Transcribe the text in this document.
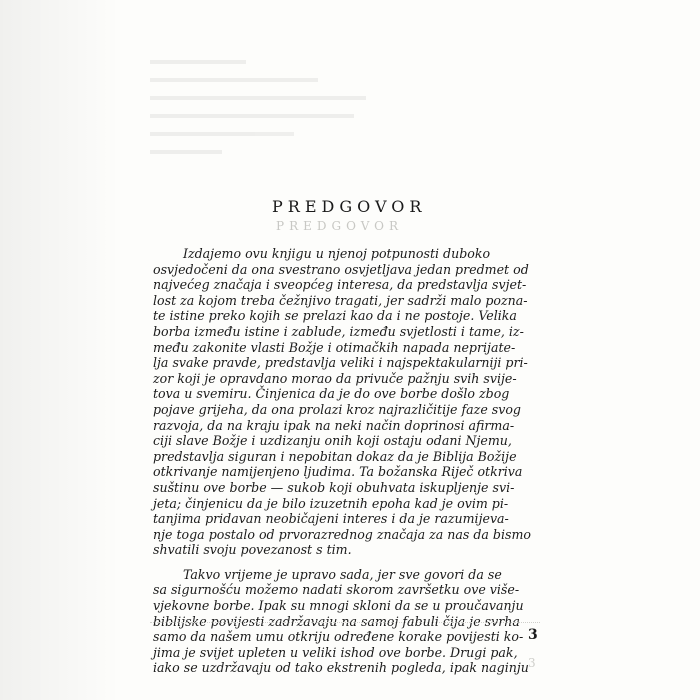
PREDGOVOR
PREDGOVOR
Izdajemo ovu knjigu u njenoj potpunosti duboko
osvjedočeni da ona svestrano osvjetljava jedan predmet od
najvećeg značaja i sveopćeg interesa, da predstavlja svjet-
lost za kojom treba čežnjivo tragati, jer sadrži malo pozna-
te istine preko kojih se prelazi kao da i ne postoje. Velika
borba između istine i zablude, između svjetlosti i tame, iz-
među zakonite vlasti Božje i otimačkih napada neprijate-
lja svake pravde, predstavlja veliki i najspektakularniji pri-
zor koji je opravdano morao da privuče pažnju svih svije-
tova u svemiru. Činjenica da je do ove borbe došlo zbog
pojave grijeha, da ona prolazi kroz najrazličitije faze svog
razvoja, da na kraju ipak na neki način doprinosi afirma-
ciji slave Božje i uzdizanju onih koji ostaju odani Njemu,
predstavlja siguran i nepobitan dokaz da je Biblija Božije
otkrivanje namijenjeno ljudima. Ta božanska Riječ otkriva
suštinu ove borbe — sukob koji obuhvata iskupljenje svi-
jeta; činjenicu da je bilo izuzetnih epoha kad je ovim pi-
tanjima pridavan neobičajeni interes i da je razumijeva-
nje toga postalo od prvorazrednog značaja za nas da bismo
shvatili svoju povezanost s tim.
Takvo vrijeme je upravo sada, jer sve govori da se
sa sigurnošću možemo nadati skorom završetku ove više-
vjekovne borbe. Ipak su mnogi skloni da se u proučavanju
biblijske povijesti zadržavaju na samoj fabuli čija je svrha
samo da našem umu otkriju određene korake povijesti ko-
jima je svijet upleten u veliki ishod ove borbe. Drugi pak,
iako se uzdržavaju od tako ekstrenih pogleda, ipak naginju
3
3
